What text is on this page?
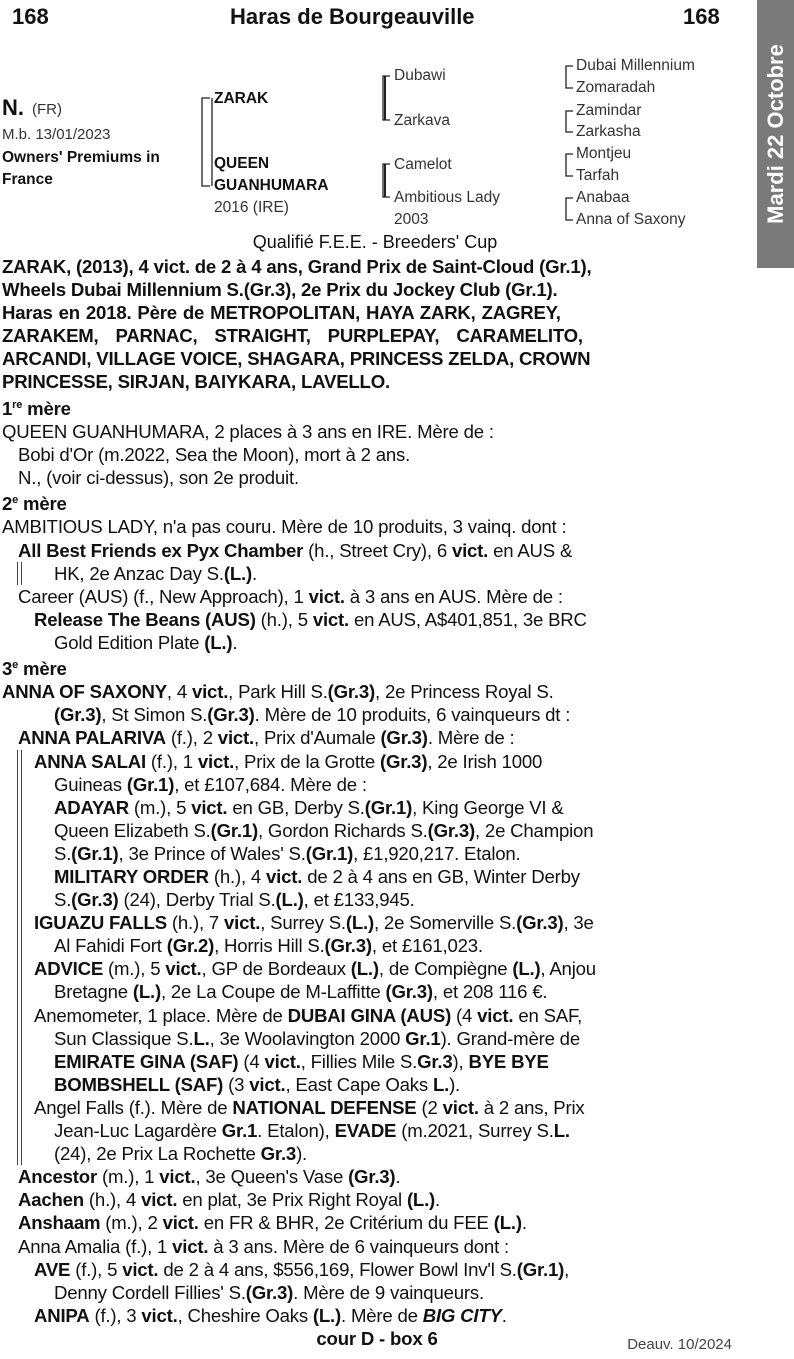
168	Haras de Bourgeauville	168
Mardi 22 Octobre
N. (FR)
M.b. 13/01/2023
Owners' Premiums in
France
ZARAK
QUEEN
GUANHUMARA
2016 (IRE)
Dubawi
Zarkava
Camelot
Ambitious Lady
2003
Dubai Millennium
Zomaradah
Zamindar
Zarkasha
Montjeu
Tarfah
Anabaa
Anna of Saxony
Qualifié F.E.E. - Breeders' Cup
ZARAK, (2013), 4 vict. de 2 à 4 ans, Grand Prix de Saint-Cloud (Gr.1),
Wheels Dubai Millennium S.(Gr.3), 2e Prix du Jockey Club (Gr.1).
Haras en 2018. Père de METROPOLITAN, HAYA ZARK, ZAGREY,
ZARAKEM, PARNAC, STRAIGHT, PURPLEPAY, CARAMELITO,
ARCANDI, VILLAGE VOICE, SHAGARA, PRINCESS ZELDA, CROWN
PRINCESSE, SIRJAN, BAIYKARA, LAVELLO.
1re mère
QUEEN GUANHUMARA, 2 places à 3 ans en IRE. Mère de :
Bobi d'Or (m.2022, Sea the Moon), mort à 2 ans.
N., (voir ci-dessus), son 2e produit.
2e mère
AMBITIOUS LADY, n'a pas couru. Mère de 10 produits, 3 vainq. dont :
All Best Friends ex Pyx Chamber (h., Street Cry), 6 vict. en AUS &
HK, 2e Anzac Day S.(L.).
Career (AUS) (f., New Approach), 1 vict. à 3 ans en AUS. Mère de :
Release The Beans (AUS) (h.), 5 vict. en AUS, A$401,851, 3e BRC
Gold Edition Plate (L.).
3e mère
ANNA OF SAXONY, 4 vict., Park Hill S.(Gr.3), 2e Princess Royal S.
(Gr.3), St Simon S.(Gr.3). Mère de 10 produits, 6 vainqueurs dt :
ANNA PALARIVA (f.), 2 vict., Prix d'Aumale (Gr.3). Mère de :
ANNA SALAI (f.), 1 vict., Prix de la Grotte (Gr.3), 2e Irish 1000
Guineas (Gr.1), et £107,684. Mère de :
ADAYAR (m.), 5 vict. en GB, Derby S.(Gr.1), King George VI &
Queen Elizabeth S.(Gr.1), Gordon Richards S.(Gr.3), 2e Champion
S.(Gr.1), 3e Prince of Wales' S.(Gr.1), £1,920,217. Etalon.
MILITARY ORDER (h.), 4 vict. de 2 à 4 ans en GB, Winter Derby
S.(Gr.3) (24), Derby Trial S.(L.), et £133,945.
IGUAZU FALLS (h.), 7 vict., Surrey S.(L.), 2e Somerville S.(Gr.3), 3e
Al Fahidi Fort (Gr.2), Horris Hill S.(Gr.3), et £161,023.
ADVICE (m.), 5 vict., GP de Bordeaux (L.), de Compiègne (L.), Anjou
Bretagne (L.), 2e La Coupe de M-Laffitte (Gr.3), et 208 116 €.
Anemometer, 1 place. Mère de DUBAI GINA (AUS) (4 vict. en SAF,
Sun Classique S.L., 3e Woolavington 2000 Gr.1). Grand-mère de
EMIRATE GINA (SAF) (4 vict., Fillies Mile S.Gr.3), BYE BYE
BOMBSHELL (SAF) (3 vict., East Cape Oaks L.).
Angel Falls (f.). Mère de NATIONAL DEFENSE (2 vict. à 2 ans, Prix
Jean-Luc Lagardère Gr.1. Etalon), EVADE (m.2021, Surrey S.L.
(24), 2e Prix La Rochette Gr.3).
Ancestor (m.), 1 vict., 3e Queen's Vase (Gr.3).
Aachen (h.), 4 vict. en plat, 3e Prix Right Royal (L.).
Anshaam (m.), 2 vict. en FR & BHR, 2e Critérium du FEE (L.).
Anna Amalia (f.), 1 vict. à 3 ans. Mère de 6 vainqueurs dont :
AVE (f.), 5 vict. de 2 à 4 ans, $556,169, Flower Bowl Inv'l S.(Gr.1),
Denny Cordell Fillies' S.(Gr.3). Mère de 9 vainqueurs.
ANIPA (f.), 3 vict., Cheshire Oaks (L.). Mère de BIG CITY.
cour D - box 6	Deauv. 10/2024
